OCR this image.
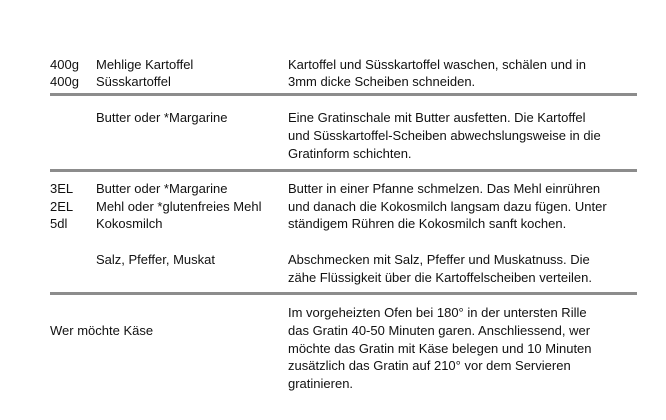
400g Mehlige Kartoffel
400g Süsskartoffel
Kartoffel und Süsskartoffel waschen, schälen und in
3mm dicke Scheiben schneiden.
Butter oder *Margarine	Eine Gratinschale mit Butter ausfetten. Die Kartoffel
und Süsskartoffel-Scheiben abwechslungsweise in die
Gratinform schichten.
3EL Butter oder *Margarine
2EL Mehl oder *glutenfreies Mehl
5dl Kokosmilch
Butter in einer Pfanne schmelzen. Das Mehl einrühren
und danach die Kokosmilch langsam dazu fügen. Unter
ständigem Rühren die Kokosmilch sanft kochen.
Salz, Pfeffer, Muskat	Abschmecken mit Salz, Pfeffer und Muskatnuss. Die
zähe Flüssigkeit über die Kartoffelscheiben verteilen.
Wer möchte Käse
Im vorgeheizten Ofen bei 180° in der untersten Rille
das Gratin 40-50 Minuten garen. Anschliessend, wer
möchte das Gratin mit Käse belegen und 10 Minuten
zusätzlich das Gratin auf 210° vor dem Servieren
gratinieren.
